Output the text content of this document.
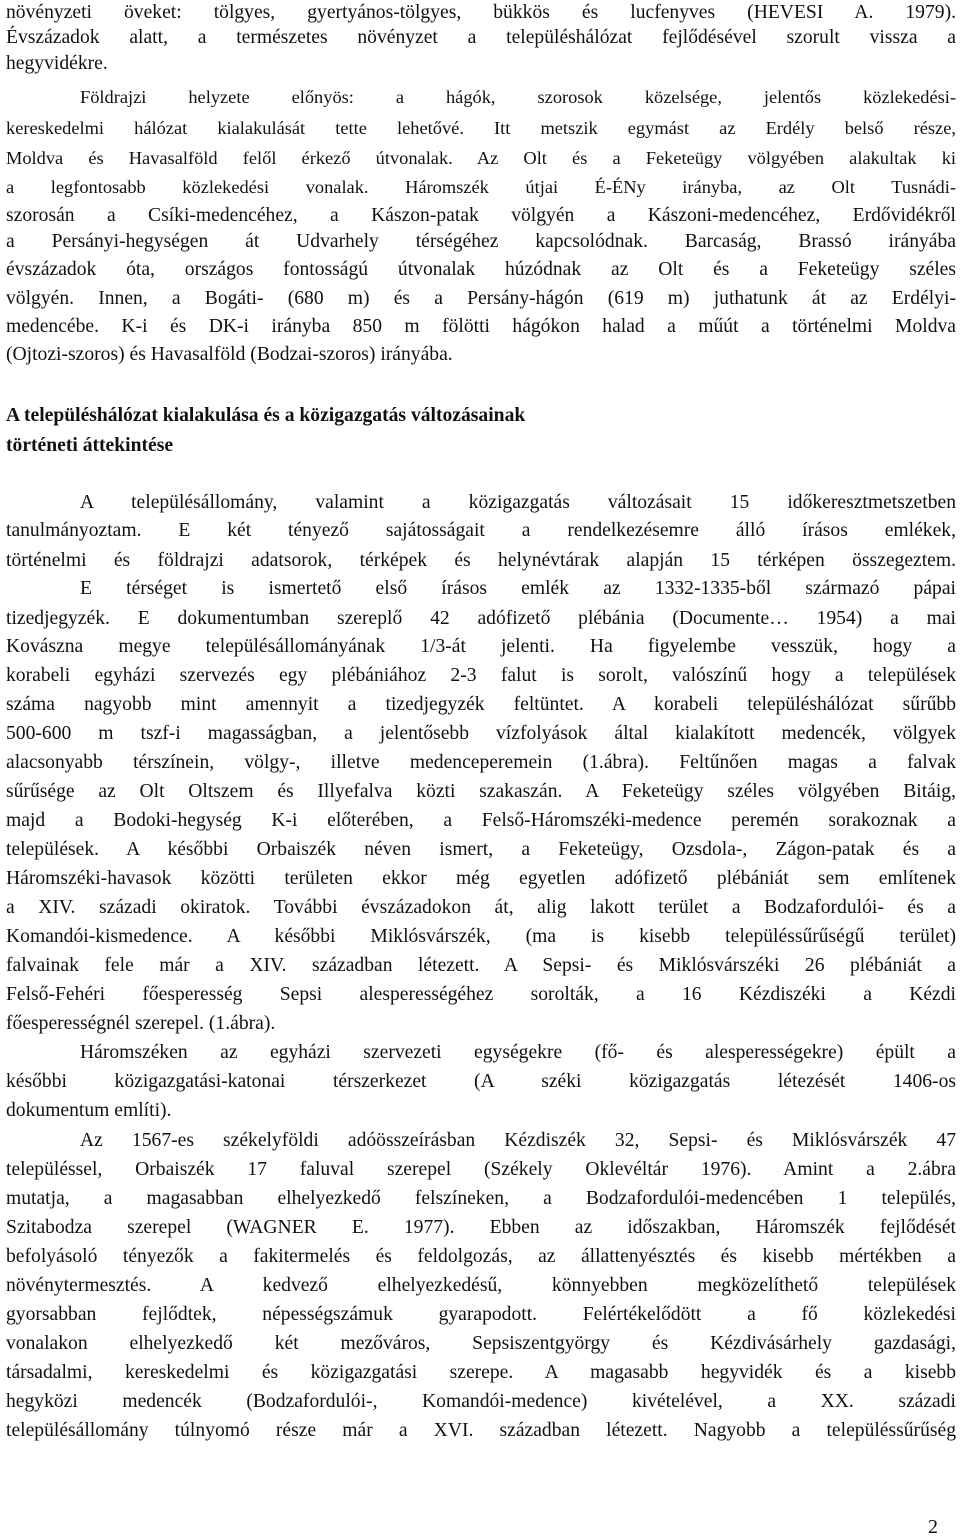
növényzeti öveket: tölgyes, gyertyános-tölgyes, bükkös és lucfenyves (HEVESI A. 1979).
Évszázadok alatt, a természetes növényzet a településhálózat fejlődésével szorult vissza a
hegyvidékre.
Földrajzi helyzete előnyös: a hágók, szorosok közelsége, jelentős közlekedési-
kereskedelmi hálózat kialakulását tette lehetővé. Itt metszik egymást az Erdély belső része,
Moldva és Havasalföld felől érkező útvonalak. Az Olt és a Feketeügy völgyében alakultak ki
a legfontosabb közlekedési vonalak. Háromszék útjai É-ÉNy irányba, az Olt Tusnádi-
szorosán a Csíki-medencéhez, a Kászon-patak völgyén a Kászoni-medencéhez, Erdővidékről
a Persányi-hegységen át Udvarhely térségéhez kapcsolódnak. Barcaság, Brassó irányába
évszázadok óta, országos fontosságú útvonalak húzódnak az Olt és a Feketeügy széles
völgyén. Innen, a Bogáti- (680 m) és a Persány-hágón (619 m) juthatunk át az Erdélyi-
medencébe. K-i és DK-i irányba 850 m fölötti hágókon halad a műút a történelmi Moldva
(Ojtozi-szoros) és Havasalföld (Bodzai-szoros) irányába.
A településhálózat kialakulása és a közigazgatás változásainak
történeti áttekintése
A településállomány, valamint a közigazgatás változásait 15 időkeresztmetszetben
tanulmányoztam. E két tényező sajátosságait a rendelkezésemre álló írásos emlékek,
történelmi és földrajzi adatsorok, térképek és helynévtárak alapján 15 térképen összegeztem.
E térséget is ismertető első írásos emlék az 1332-1335-ből származó pápai
tizedjegyzék. E dokumentumban szereplő 42 adófizető plébánia (Documente… 1954) a mai
Kovászna megye településállományának 1/3-át jelenti. Ha figyelembe vesszük, hogy a
korabeli egyházi szervezés egy plébániához 2-3 falut is sorolt, valószínű hogy a települések
száma nagyobb mint amennyit a tizedjegyzék feltüntet. A korabeli településhálózat sűrűbb
500-600 m tszf-i magasságban, a jelentősebb vízfolyások által kialakított medencék, völgyek
alacsonyabb térszínein, völgy-, illetve medenceperemein (1.ábra). Feltűnően magas a falvak
sűrűsége az Olt Oltszem és Illyefalva közti szakaszán. A Feketeügy széles völgyében Bitáig,
majd a Bodoki-hegység K-i előterében, a Felső-Háromszéki-medence peremén sorakoznak a
települések. A későbbi Orbaiszék néven ismert, a Feketeügy, Ozsdola-, Zágon-patak és a
Háromszéki-havasok közötti területen ekkor még egyetlen adófizető plébániát sem említenek
a XIV. századi okiratok. További évszázadokon át, alig lakott terület a Bodzafordulói- és a
Komandói-kismedence. A későbbi Miklósvárszék, (ma is kisebb településsűrűségű terület)
falvainak fele már a XIV. században létezett. A Sepsi- és Miklósvárszéki 26 plébániát a
Felső-Fehéri főesperesség Sepsi alesperességéhez sorolták, a 16 Kézdiszéki a Kézdi
főesperességnél szerepel. (1.ábra).
Háromszéken az egyházi szervezeti egységekre (fő- és alesperességekre) épült a
későbbi közigazgatási-katonai térszerkezet (A széki közigazgatás létezését 1406-os
dokumentum említi).
Az 1567-es székelyföldi adóösszeírásban Kézdiszék 32, Sepsi- és Miklósvárszék 47
településsel, Orbaiszék 17 faluval szerepel (Székely Oklevéltár 1976). Amint a 2.ábra
mutatja, a magasabban elhelyezkedő felszíneken, a Bodzafordulói-medencében 1 település,
Szitabodza szerepel (WAGNER E. 1977). Ebben az időszakban, Háromszék fejlődését
befolyásoló tényezők a fakitermelés és feldolgozás, az állattenyésztés és kisebb mértékben a
növénytermesztés. A kedvező elhelyezkedésű, könnyebben megközelíthető települések
gyorsabban fejlődtek, népességszámuk gyarapodott. Felértékelődött a fő közlekedési
vonalakon elhelyezkedő két mezőváros, Sepsiszentgyörgy és Kézdivásárhely gazdasági,
társadalmi, kereskedelmi és közigazgatási szerepe. A magasabb hegyvidék és a kisebb
hegyközi medencék (Bodzafordulói-, Komandói-medence) kivételével, a XX. századi
településállomány túlnyomó része már a XVI. században létezett. Nagyobb a településsűrűség
2
